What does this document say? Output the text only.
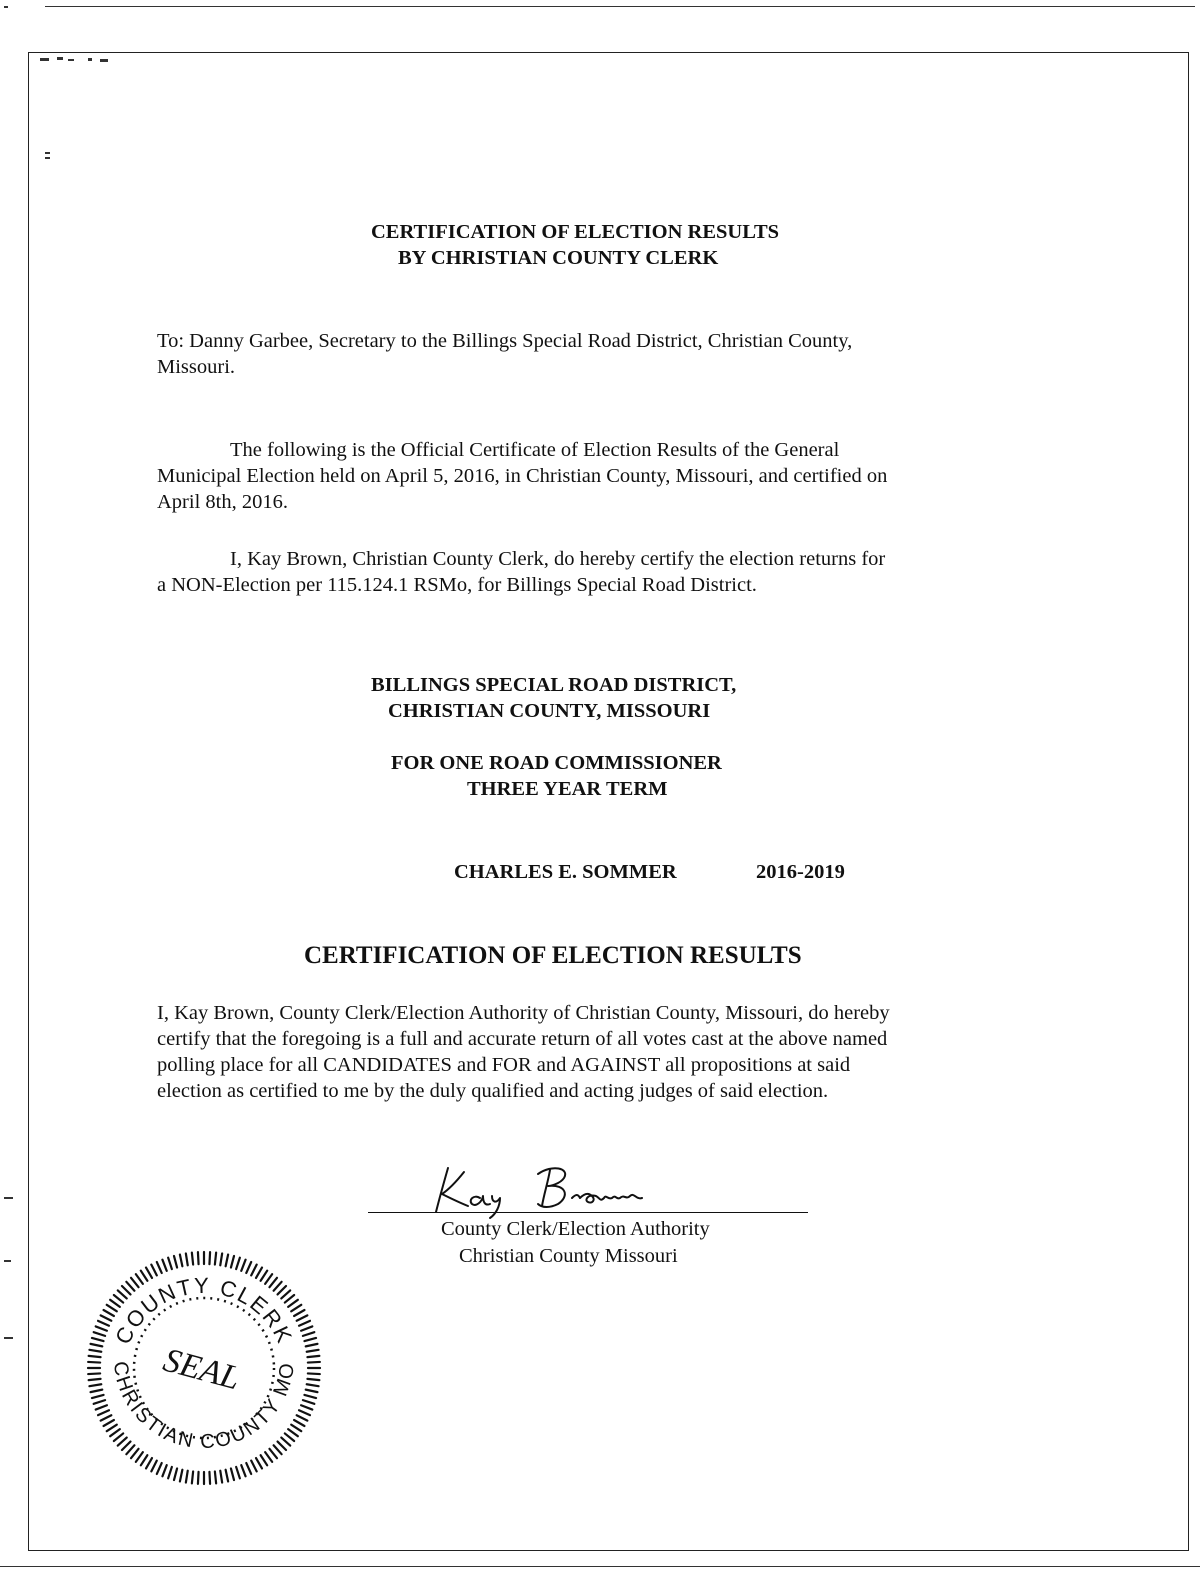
CERTIFICATION OF ELECTION RESULTS
BY CHRISTIAN COUNTY CLERK
To: Danny Garbee, Secretary to the Billings Special Road District, Christian County,
Missouri.
The following is the Official Certificate of Election Results of the General
Municipal Election held on April 5, 2016, in Christian County, Missouri, and certified on
April 8th, 2016.
I, Kay Brown, Christian County Clerk, do hereby certify the election returns for
a NON-Election per 115.124.1 RSMo, for Billings Special Road District.
BILLINGS SPECIAL ROAD DISTRICT,
CHRISTIAN COUNTY, MISSOURI
FOR ONE ROAD COMMISSIONER
THREE YEAR TERM
CHARLES E. SOMMER	2016-2019
CERTIFICATION OF ELECTION RESULTS
I, Kay Brown, County Clerk/Election Authority of Christian County, Missouri, do hereby
certify that the foregoing is a full and accurate return of all votes cast at the above named
polling place for all CANDIDATES and FOR and AGAINST all propositions at said
election as certified to me by the duly qualified and acting judges of said election.
County Clerk/Election Authority
Christian County Missouri
COUNTY CLERK
CHRISTIAN COUNTY MO
SEAL
